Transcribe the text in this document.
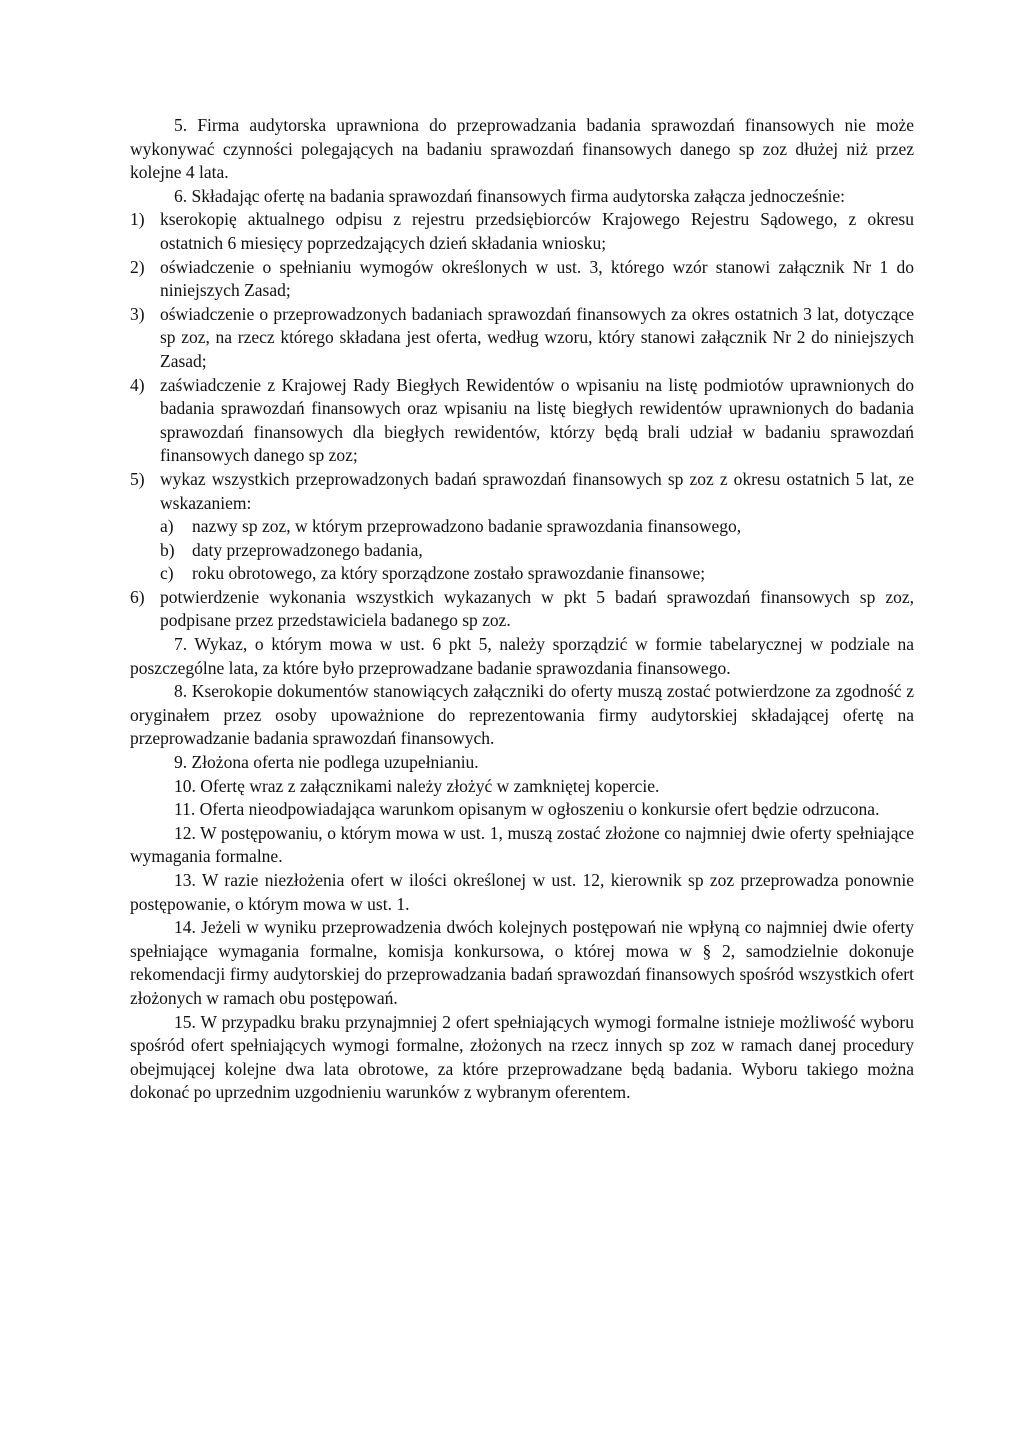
5. Firma audytorska uprawniona do przeprowadzania badania sprawozdań finansowych nie może wykonywać czynności polegających na badaniu sprawozdań finansowych danego sp zoz dłużej niż przez kolejne 4 lata.

6. Składając ofertę na badania sprawozdań finansowych firma audytorska załącza jednocześnie:

1) kserokopię aktualnego odpisu z rejestru przedsiębiorców Krajowego Rejestru Sądowego, z okresu ostatnich 6 miesięcy poprzedzających dzień składania wniosku;
2) oświadczenie o spełnianiu wymogów określonych w ust. 3, którego wzór stanowi załącznik Nr 1 do niniejszych Zasad;
3) oświadczenie o przeprowadzonych badaniach sprawozdań finansowych za okres ostatnich 3 lat, dotyczące sp zoz, na rzecz którego składana jest oferta, według wzoru, który stanowi załącznik Nr 2 do niniejszych Zasad;
4) zaświadczenie z Krajowej Rady Biegłych Rewidentów o wpisaniu na listę podmiotów uprawnionych do badania sprawozdań finansowych oraz wpisaniu na listę biegłych rewidentów uprawnionych do badania sprawozdań finansowych dla biegłych rewidentów, którzy będą brali udział w badaniu sprawozdań finansowych danego sp zoz;
5) wykaz wszystkich przeprowadzonych badań sprawozdań finansowych sp zoz z okresu ostatnich 5 lat, ze wskazaniem:
a) nazwy sp zoz, w którym przeprowadzono badanie sprawozdania finansowego,
b) daty przeprowadzonego badania,
c) roku obrotowego, za który sporządzone zostało sprawozdanie finansowe;
6) potwierdzenie wykonania wszystkich wykazanych w pkt 5 badań sprawozdań finansowych sp zoz, podpisane przez przedstawiciela badanego sp zoz.

7. Wykaz, o którym mowa w ust. 6 pkt 5, należy sporządzić w formie tabelarycznej w podziale na poszczególne lata, za które było przeprowadzane badanie sprawozdania finansowego.

8. Kserokopie dokumentów stanowiących załączniki do oferty muszą zostać potwierdzone za zgodność z oryginałem przez osoby upoważnione do reprezentowania firmy audytorskiej składającej ofertę na przeprowadzanie badania sprawozdań finansowych.

9. Złożona oferta nie podlega uzupełnianiu.

10. Ofertę wraz z załącznikami należy złożyć w zamkniętej kopercie.

11. Oferta nieodpowiadająca warunkom opisanym w ogłoszeniu o konkursie ofert będzie odrzucona.

12. W postępowaniu, o którym mowa w ust. 1, muszą zostać złożone co najmniej dwie oferty spełniające wymagania formalne.

13. W razie niezłożenia ofert w ilości określonej w ust. 12, kierownik sp zoz przeprowadza ponownie postępowanie, o którym mowa w ust. 1.

14. Jeżeli w wyniku przeprowadzenia dwóch kolejnych postępowań nie wpłyną co najmniej dwie oferty spełniające wymagania formalne, komisja konkursowa, o której mowa w § 2, samodzielnie dokonuje rekomendacji firmy audytorskiej do przeprowadzania badań sprawozdań finansowych spośród wszystkich ofert złożonych w ramach obu postępowań.

15. W przypadku braku przynajmniej 2 ofert spełniających wymogi formalne istnieje możliwość wyboru spośród ofert spełniających wymogi formalne, złożonych na rzecz innych sp zoz w ramach danej procedury obejmującej kolejne dwa lata obrotowe, za które przeprowadzane będą badania. Wyboru takiego można dokonać po uprzednim uzgodnieniu warunków z wybranym oferentem.
